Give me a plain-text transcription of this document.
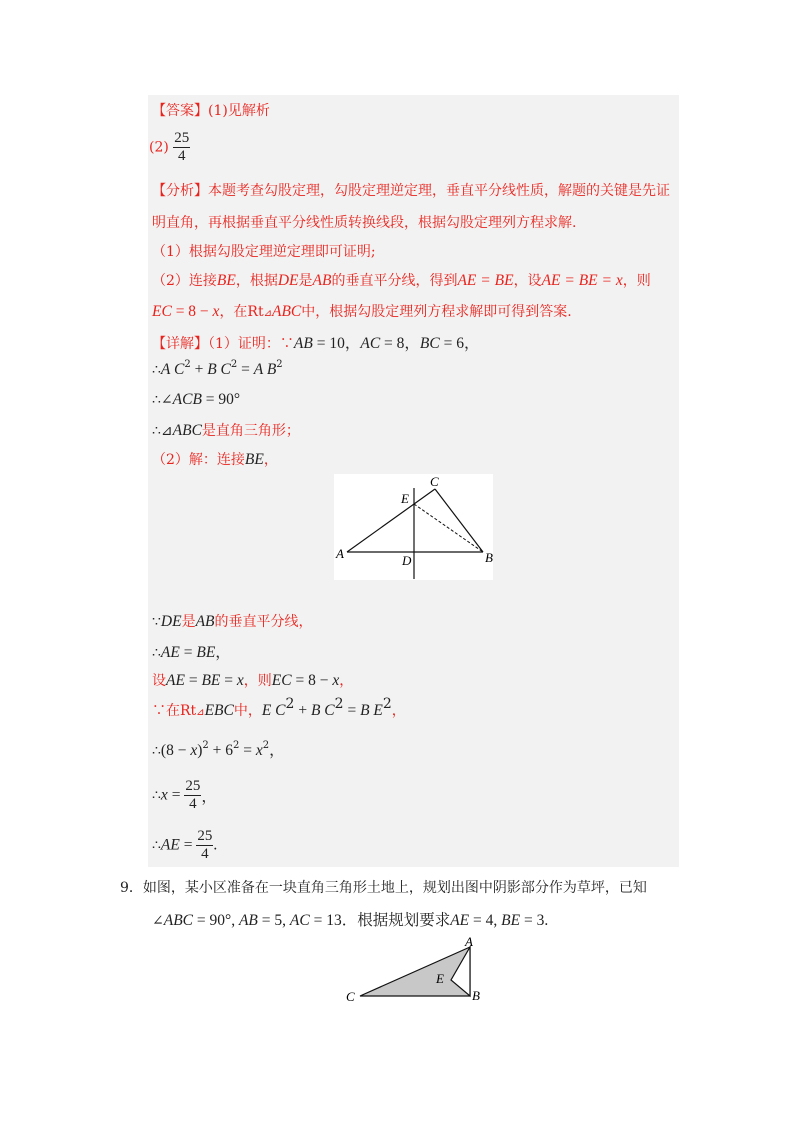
【答案】(1)见解析
$(2) \frac{25}{4}$
【分析】本题考查勾股定理，勾股定理逆定理，垂直平分线性质，解题的关键是先证
明直角，再根据垂直平分线性质转换线段，根据勾股定理列方程求解.
（1）根据勾股定理逆定理即可证明;
（2）连接BE，根据DE是AB的垂直平分线，得到AE = BE，设AE = BE = x，则
EC = 8 − x，在Rt⊿ABC中，根据勾股定理列方程求解即可得到答案.
【详解】（1）证明：∵AB = 10，AC = 8，BC = 6，
∴A $C^2 + B$ $C^2 = A$ $B^2$
∴∠ACB = 90°
∴⊿ABC是直角三角形；
（2）解：连接BE，
A	B
C
D
E
∵DE是AB的垂直平分线，
∴AE = BE，
设AE = BE = x，则EC = 8 − x，
∵在Rt⊿EBC中，E $C^2 + B$ $C^2 = B$ $E^2$，
∴(8 − $x)^2 + 6^2 = x^2$，
∴x = $\frac{25}{4}$ ，
∴AE = $\frac{25}{4}$ .
9．如图，某小区准备在一块直角三角形土地上，规划出图中阴影部分作为草坪，已知
∠ABC = 90°, AB = 5, AC = 13．根据规划要求AE = 4, BE = 3.
C
A
B
E
